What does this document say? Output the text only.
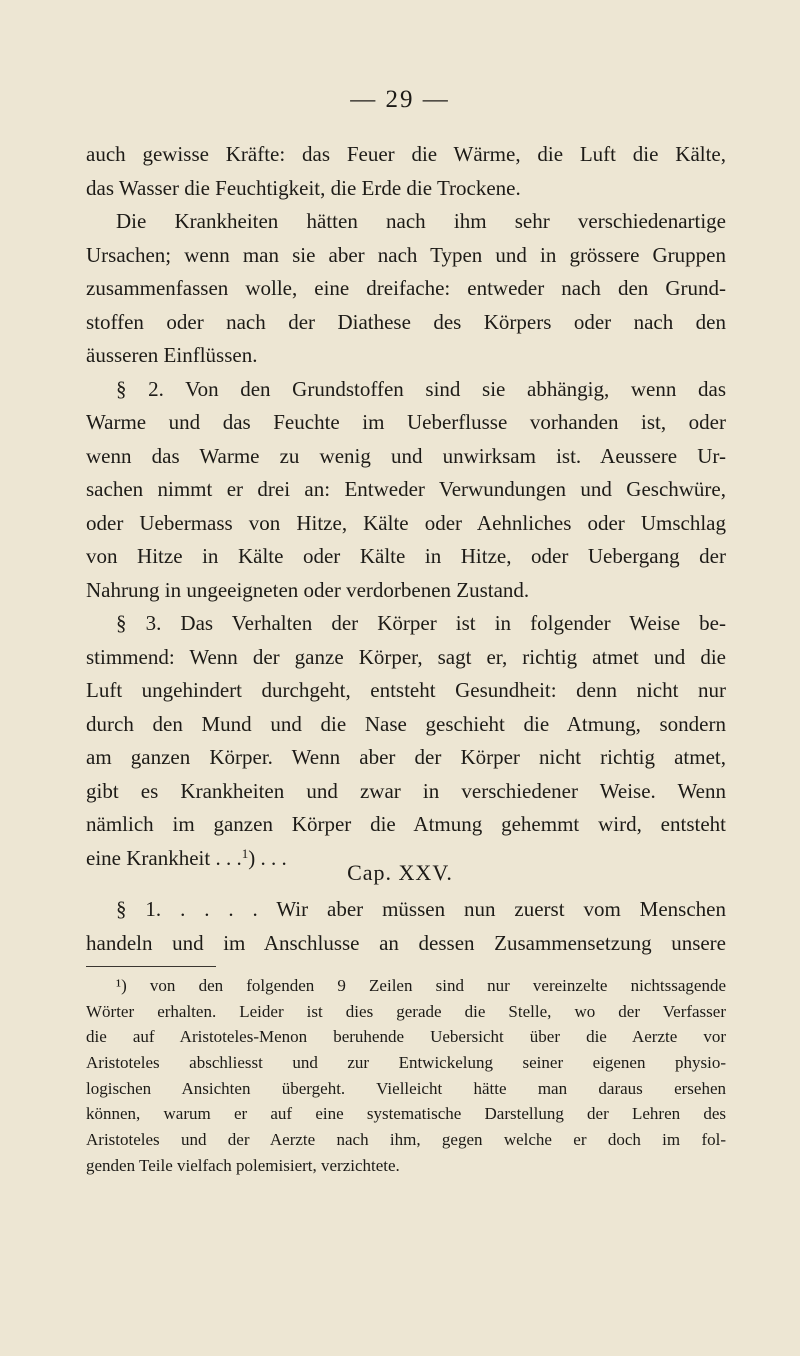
— 29 —
auch gewisse Kräfte: das Feuer die Wärme, die Luft die Kälte,
das Wasser die Feuchtigkeit, die Erde die Trockene.
Die Krankheiten hätten nach ihm sehr verschiedenartige
Ursachen; wenn man sie aber nach Typen und in grössere Gruppen
zusammenfassen wolle, eine dreifache: entweder nach den Grund-
stoffen oder nach der Diathese des Körpers oder nach den
äusseren Einflüssen.
§ 2. Von den Grundstoffen sind sie abhängig, wenn das
Warme und das Feuchte im Ueberflusse vorhanden ist, oder
wenn das Warme zu wenig und unwirksam ist. Aeussere Ur-
sachen nimmt er drei an: Entweder Verwundungen und Geschwüre,
oder Uebermass von Hitze, Kälte oder Aehnliches oder Umschlag
von Hitze in Kälte oder Kälte in Hitze, oder Uebergang der
Nahrung in ungeeigneten oder verdorbenen Zustand.
§ 3. Das Verhalten der Körper ist in folgender Weise be-
stimmend: Wenn der ganze Körper, sagt er, richtig atmet und die
Luft ungehindert durchgeht, entsteht Gesundheit: denn nicht nur
durch den Mund und die Nase geschieht die Atmung, sondern
am ganzen Körper. Wenn aber der Körper nicht richtig atmet,
gibt es Krankheiten und zwar in verschiedener Weise. Wenn
nämlich im ganzen Körper die Atmung gehemmt wird, entsteht
eine Krankheit . . .$^1$) . . .
Cap. XXV.
§ 1. . . . . Wir aber müssen nun zuerst vom Menschen
handeln und im Anschlusse an dessen Zusammensetzung unsere
¹) von den folgenden 9 Zeilen sind nur vereinzelte nichtssagende
Wörter erhalten. Leider ist dies gerade die Stelle, wo der Verfasser
die auf Aristoteles-Menon beruhende Uebersicht über die Aerzte vor
Aristoteles abschliesst und zur Entwickelung seiner eigenen physio-
logischen Ansichten übergeht. Vielleicht hätte man daraus ersehen
können, warum er auf eine systematische Darstellung der Lehren des
Aristoteles und der Aerzte nach ihm, gegen welche er doch im fol-
genden Teile vielfach polemisiert, verzichtete.
